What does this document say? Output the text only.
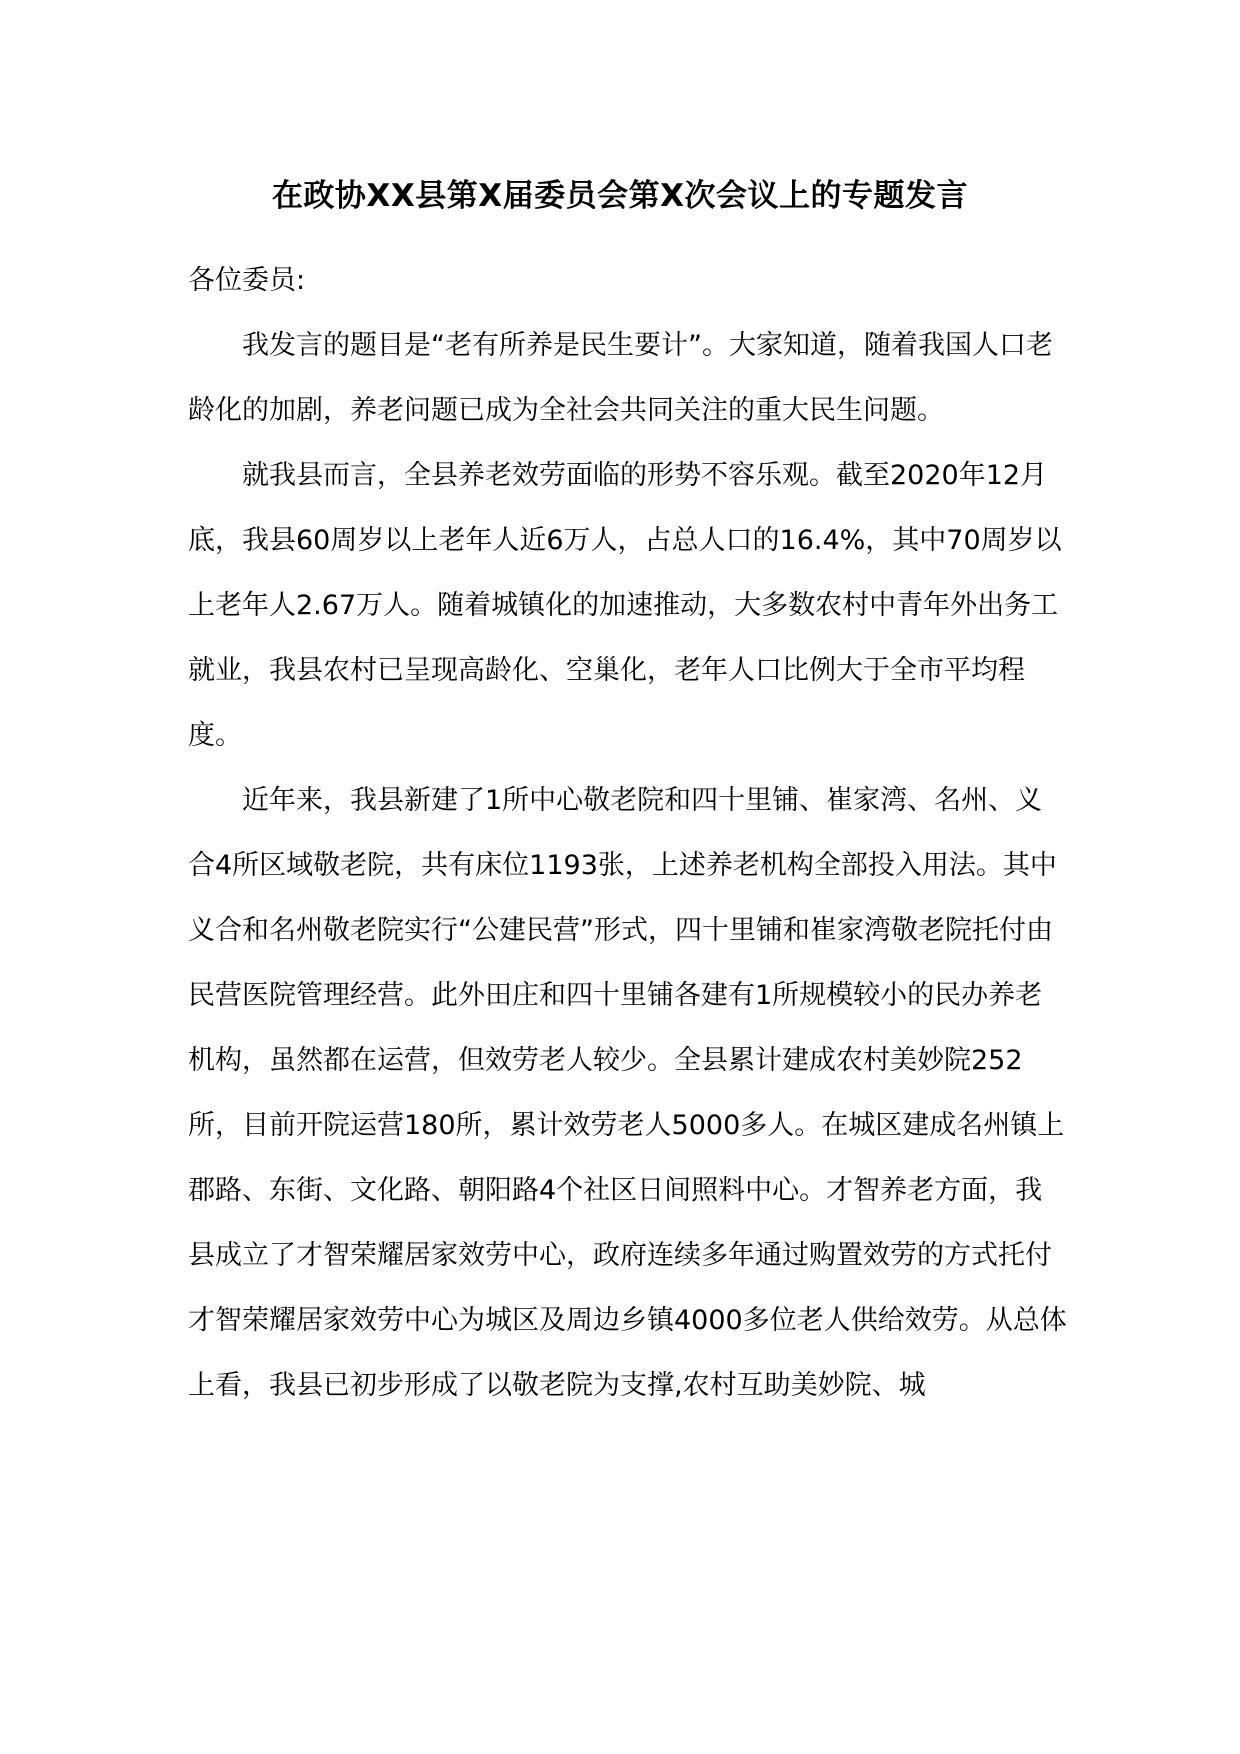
在政协XX县第X届委员会第X次会议上的专题发言

各位委员:

我发言的题目是“老有所养是民生要计”。大家知道，随着我国人口老龄化的加剧，养老问题已成为全社会共同关注的重大民生问题。

就我县而言，全县养老效劳面临的形势不容乐观。截至2020年12月底，我县60周岁以上老年人近6万人，占总人口的16.4%，其中70周岁以上老年人2.67万人。随着城镇化的加速推动，大多数农村中青年外出务工就业，我县农村已呈现高龄化、空巢化，老年人口比例大于全市平均程度。

近年来，我县新建了1所中心敬老院和四十里铺、崔家湾、名州、义合4所区域敬老院，共有床位1193张，上述养老机构全部投入用法。其中义合和名州敬老院实行“公建民营”形式，四十里铺和崔家湾敬老院托付由民营医院管理经营。此外田庄和四十里铺各建有1所规模较小的民办养老机构，虽然都在运营，但效劳老人较少。全县累计建成农村美妙院252所，目前开院运营180所，累计效劳老人5000多人。在城区建成名州镇上郡路、东街、文化路、朝阳路4个社区日间照料中心。才智养老方面，我县成立了才智荣耀居家效劳中心，政府连续多年通过购置效劳的方式托付才智荣耀居家效劳中心为城区及周边乡镇4000多位老人供给效劳。从总体上看，我县已初步形成了以敬老院为支撑,农村互助美妙院、城
